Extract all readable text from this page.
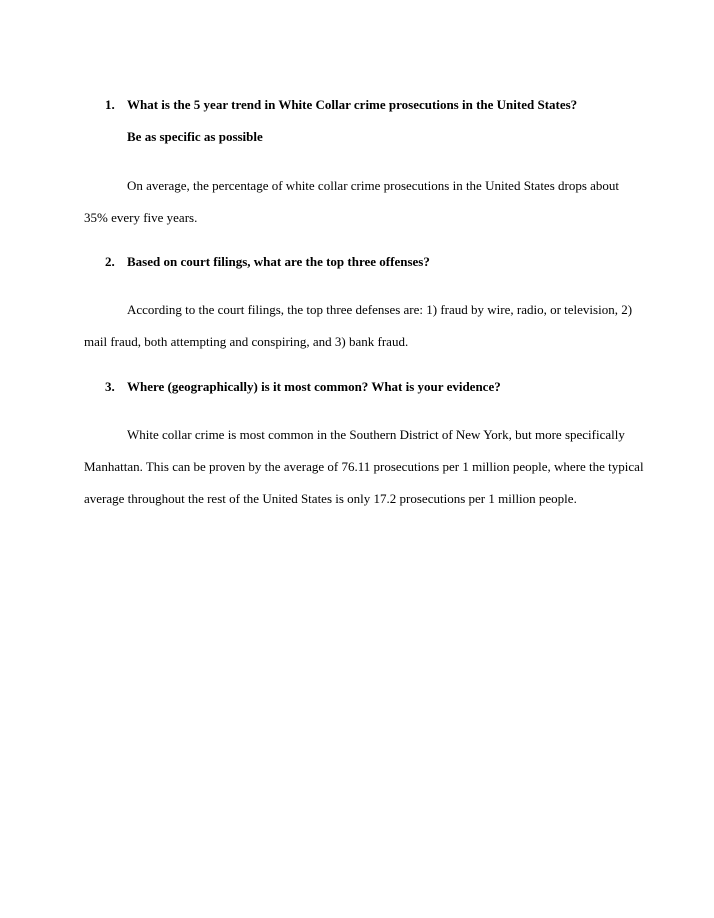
1. What is the 5 year trend in White Collar crime prosecutions in the United States?
Be as specific as possible

On average, the percentage of white collar crime prosecutions in the United States drops about 35% every five years.

2. Based on court filings, what are the top three offenses?

According to the court filings, the top three defenses are: 1) fraud by wire, radio, or television, 2) mail fraud, both attempting and conspiring, and 3) bank fraud.

3. Where (geographically) is it most common? What is your evidence?

White collar crime is most common in the Southern District of New York, but more specifically Manhattan. This can be proven by the average of 76.11 prosecutions per 1 million people, where the typical average throughout the rest of the United States is only 17.2 prosecutions per 1 million people.
